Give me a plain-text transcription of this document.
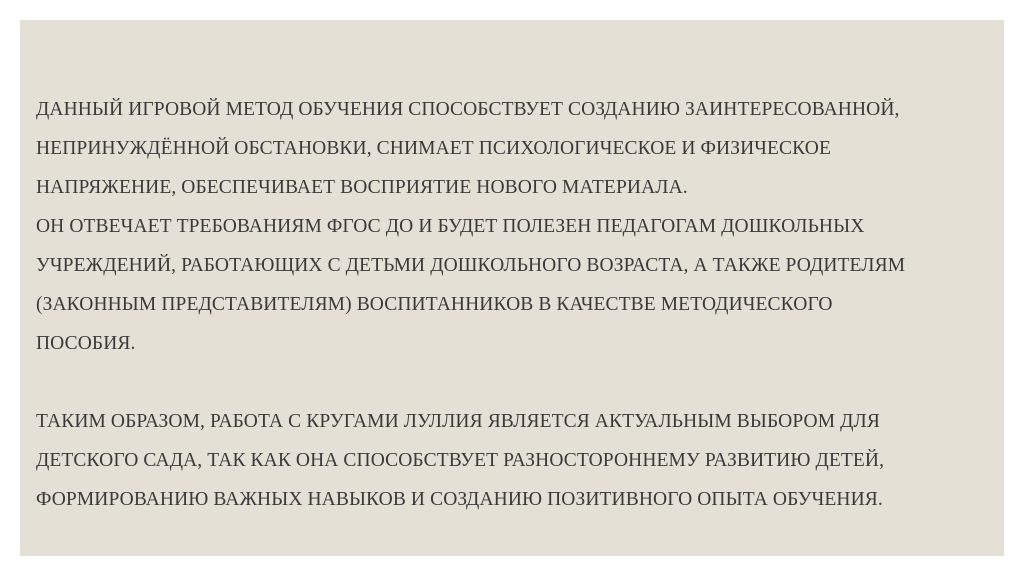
ДАННЫЙ ИГРОВОЙ МЕТОД ОБУЧЕНИЯ СПОСОБСТВУЕТ СОЗДАНИЮ ЗАИНТЕРЕСОВАННОЙ,
НЕПРИНУЖДЁННОЙ ОБСТАНОВКИ, СНИМАЕТ ПСИХОЛОГИЧЕСКОЕ И ФИЗИЧЕСКОЕ
НАПРЯЖЕНИЕ, ОБЕСПЕЧИВАЕТ ВОСПРИЯТИЕ НОВОГО МАТЕРИАЛА.
ОН ОТВЕЧАЕТ ТРЕБОВАНИЯМ ФГОС ДО И БУДЕТ ПОЛЕЗЕН ПЕДАГОГАМ ДОШКОЛЬНЫХ
УЧРЕЖДЕНИЙ, РАБОТАЮЩИХ С ДЕТЬМИ ДОШКОЛЬНОГО ВОЗРАСТА, А ТАКЖЕ РОДИТЕЛЯМ
(ЗАКОННЫМ ПРЕДСТАВИТЕЛЯМ) ВОСПИТАННИКОВ В КАЧЕСТВЕ МЕТОДИЧЕСКОГО
ПОСОБИЯ.
ТАКИМ ОБРАЗОМ, РАБОТА С КРУГАМИ ЛУЛЛИЯ ЯВЛЯЕТСЯ АКТУАЛЬНЫМ ВЫБОРОМ ДЛЯ
ДЕТСКОГО САДА, ТАК КАК ОНА СПОСОБСТВУЕТ РАЗНОСТОРОННЕМУ РАЗВИТИЮ ДЕТЕЙ,
ФОРМИРОВАНИЮ ВАЖНЫХ НАВЫКОВ И СОЗДАНИЮ ПОЗИТИВНОГО ОПЫТА ОБУЧЕНИЯ.
